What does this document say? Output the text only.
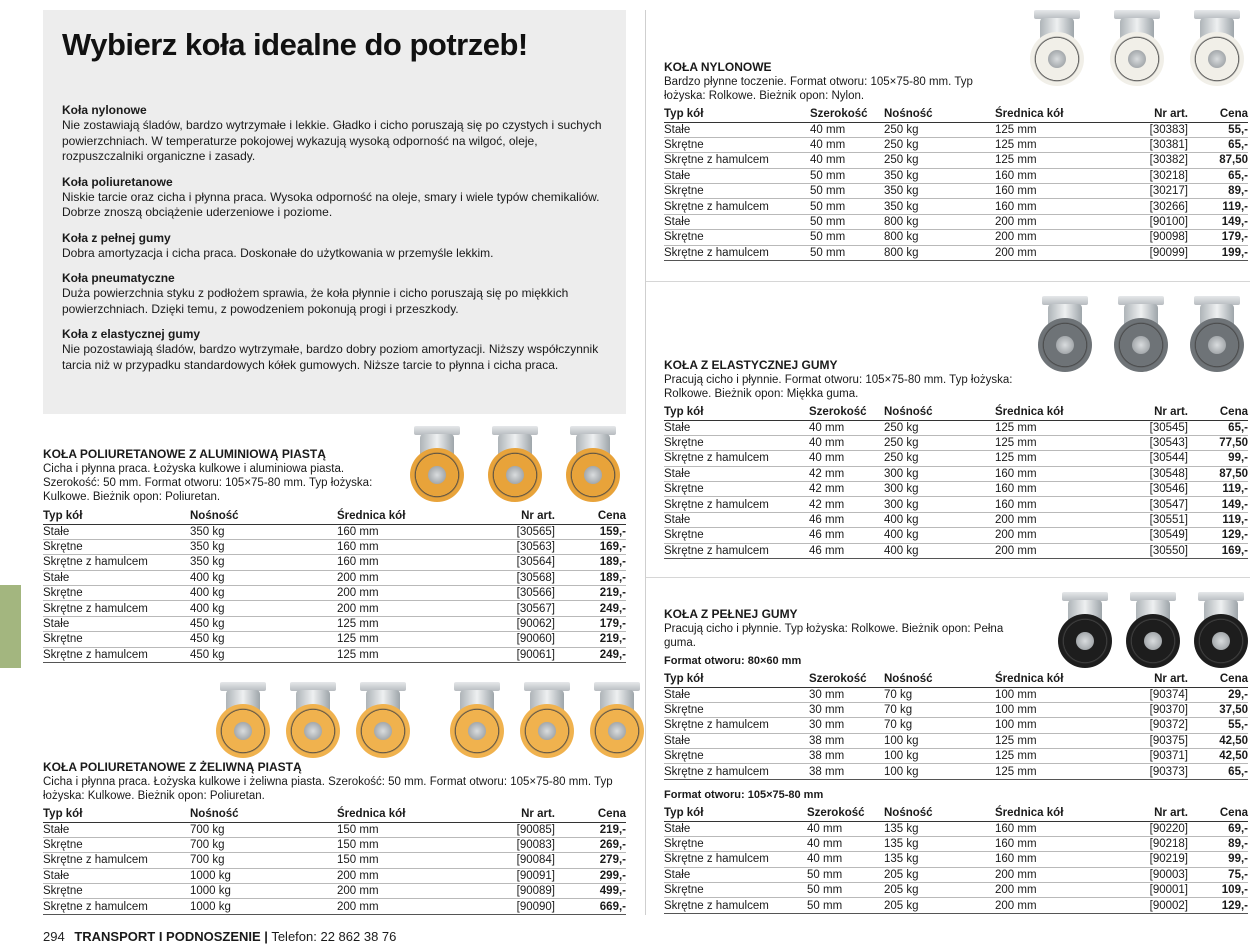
Wybierz koła idealne do potrzeb!
Koła nylonowe

Nie zostawiają śladów, bardzo wytrzymałe i lekkie. Gładko i cicho poruszają się po czystych i suchych powierzchniach. W temperaturze pokojowej wykazują wysoką odporność na wilgoć, oleje, rozpuszczalniki organiczne i zasady.

Koła poliuretanowe

Niskie tarcie oraz cicha i płynna praca. Wysoka odporność na oleje, smary i wiele typów chemikaliów. Dobrze znoszą obciążenie uderzeniowe i poziome.

Koła z pełnej gumy

Dobra amortyzacja i cicha praca. Doskonałe do użytkowania w przemyśle lekkim.

Koła pneumatyczne

Duża powierzchnia styku z podłożem sprawia, że koła płynnie i cicho poruszają się po miękkich powierzchniach. Dzięki temu, z powodzeniem pokonują progi i przeszkody.

Koła z elastycznej gumy

Nie pozostawiają śladów, bardzo wytrzymałe, bardzo dobry poziom amortyzacji. Niższy współczynnik tarcia niż w przypadku standardowych kółek gumowych. Niższe tarcie to płynna i cicha praca.

KOŁA POLIURETANOWE Z ALUMINIOWĄ PIASTĄ
Cicha i płynna praca. Łożyska kulkowe i aluminiowa piasta. Szerokość: 50 mm. Format otworu: 105×75-80 mm. Typ łożyska: Kulkowe. Bieżnik opon: Poliuretan.
Typ kół	Nośność	Średnica kół	Nr art.	Cena
Stałe	350 kg	160 mm	[30565]	159,-
Skrętne	350 kg	160 mm	[30563]	169,-
Skrętne z hamulcem	350 kg	160 mm	[30564]	189,-
Stałe	400 kg	200 mm	[30568]	189,-
Skrętne	400 kg	200 mm	[30566]	219,-
Skrętne z hamulcem	400 kg	200 mm	[30567]	249,-
Stałe	450 kg	125 mm	[90062]	179,-
Skrętne	450 kg	125 mm	[90060]	219,-
Skrętne z hamulcem	450 kg	125 mm	[90061]	249,-
KOŁA POLIURETANOWE Z ŻELIWNĄ PIASTĄ
Cicha i płynna praca. Łożyska kulkowe i żeliwna piasta. Szerokość: 50 mm. Format otworu: 105×75-80 mm. Typ łożyska: Kulkowe. Bieżnik opon: Poliuretan.
Typ kół	Nośność	Średnica kół	Nr art.	Cena
Stałe	700 kg	150 mm	[90085]	219,-
Skrętne	700 kg	150 mm	[90083]	269,-
Skrętne z hamulcem	700 kg	150 mm	[90084]	279,-
Stałe	1000 kg	200 mm	[90091]	299,-
Skrętne	1000 kg	200 mm	[90089]	499,-
Skrętne z hamulcem	1000 kg	200 mm	[90090]	669,-
KOŁA NYLONOWE
Bardzo płynne toczenie. Format otworu: 105×75-80 mm. Typ łożyska: Rolkowe. Bieżnik opon: Nylon.
Typ kół	Szerokość	Nośność	Średnica kół	Nr art.	Cena
Stałe	40 mm	250 kg	125 mm	[30383]	55,-
Skrętne	40 mm	250 kg	125 mm	[30381]	65,-
Skrętne z hamulcem	40 mm	250 kg	125 mm	[30382]	87,50
Stałe	50 mm	350 kg	160 mm	[30218]	65,-
Skrętne	50 mm	350 kg	160 mm	[30217]	89,-
Skrętne z hamulcem	50 mm	350 kg	160 mm	[30266]	119,-
Stałe	50 mm	800 kg	200 mm	[90100]	149,-
Skrętne	50 mm	800 kg	200 mm	[90098]	179,-
Skrętne z hamulcem	50 mm	800 kg	200 mm	[90099]	199,-
KOŁA Z ELASTYCZNEJ GUMY
Pracują cicho i płynnie. Format otworu: 105×75-80 mm. Typ łożyska: Rolkowe. Bieżnik opon: Miękka guma.
Typ kół	Szerokość	Nośność	Średnica kół	Nr art.	Cena
Stałe	40 mm	250 kg	125 mm	[30545]	65,-
Skrętne	40 mm	250 kg	125 mm	[30543]	77,50
Skrętne z hamulcem	40 mm	250 kg	125 mm	[30544]	99,-
Stałe	42 mm	300 kg	160 mm	[30548]	87,50
Skrętne	42 mm	300 kg	160 mm	[30546]	119,-
Skrętne z hamulcem	42 mm	300 kg	160 mm	[30547]	149,-
Stałe	46 mm	400 kg	200 mm	[30551]	119,-
Skrętne	46 mm	400 kg	200 mm	[30549]	129,-
Skrętne z hamulcem	46 mm	400 kg	200 mm	[30550]	169,-
KOŁA Z PEŁNEJ GUMY
Pracują cicho i płynnie. Typ łożyska: Rolkowe. Bieżnik opon: Pełna guma.
Format otworu: 80×60 mm
Typ kół	Szerokość	Nośność	Średnica kół	Nr art.	Cena
Stałe	30 mm	70 kg	100 mm	[90374]	29,-
Skrętne	30 mm	70 kg	100 mm	[90370]	37,50
Skrętne z hamulcem	30 mm	70 kg	100 mm	[90372]	55,-
Stałe	38 mm	100 kg	125 mm	[90375]	42,50
Skrętne	38 mm	100 kg	125 mm	[90371]	42,50
Skrętne z hamulcem	38 mm	100 kg	125 mm	[90373]	65,-
Format otworu: 105×75-80 mm
Typ kół	Szerokość	Nośność	Średnica kół	Nr art.	Cena
Stałe	40 mm	135 kg	160 mm	[90220]	69,-
Skrętne	40 mm	135 kg	160 mm	[90218]	89,-
Skrętne z hamulcem	40 mm	135 kg	160 mm	[90219]	99,-
Stałe	50 mm	205 kg	200 mm	[90003]	75,-
Skrętne	50 mm	205 kg	200 mm	[90001]	109,-
Skrętne z hamulcem	50 mm	205 kg	200 mm	[90002]	129,-
294 TRANSPORT I PODNOSZENIE | Telefon: 22 862 38 76
